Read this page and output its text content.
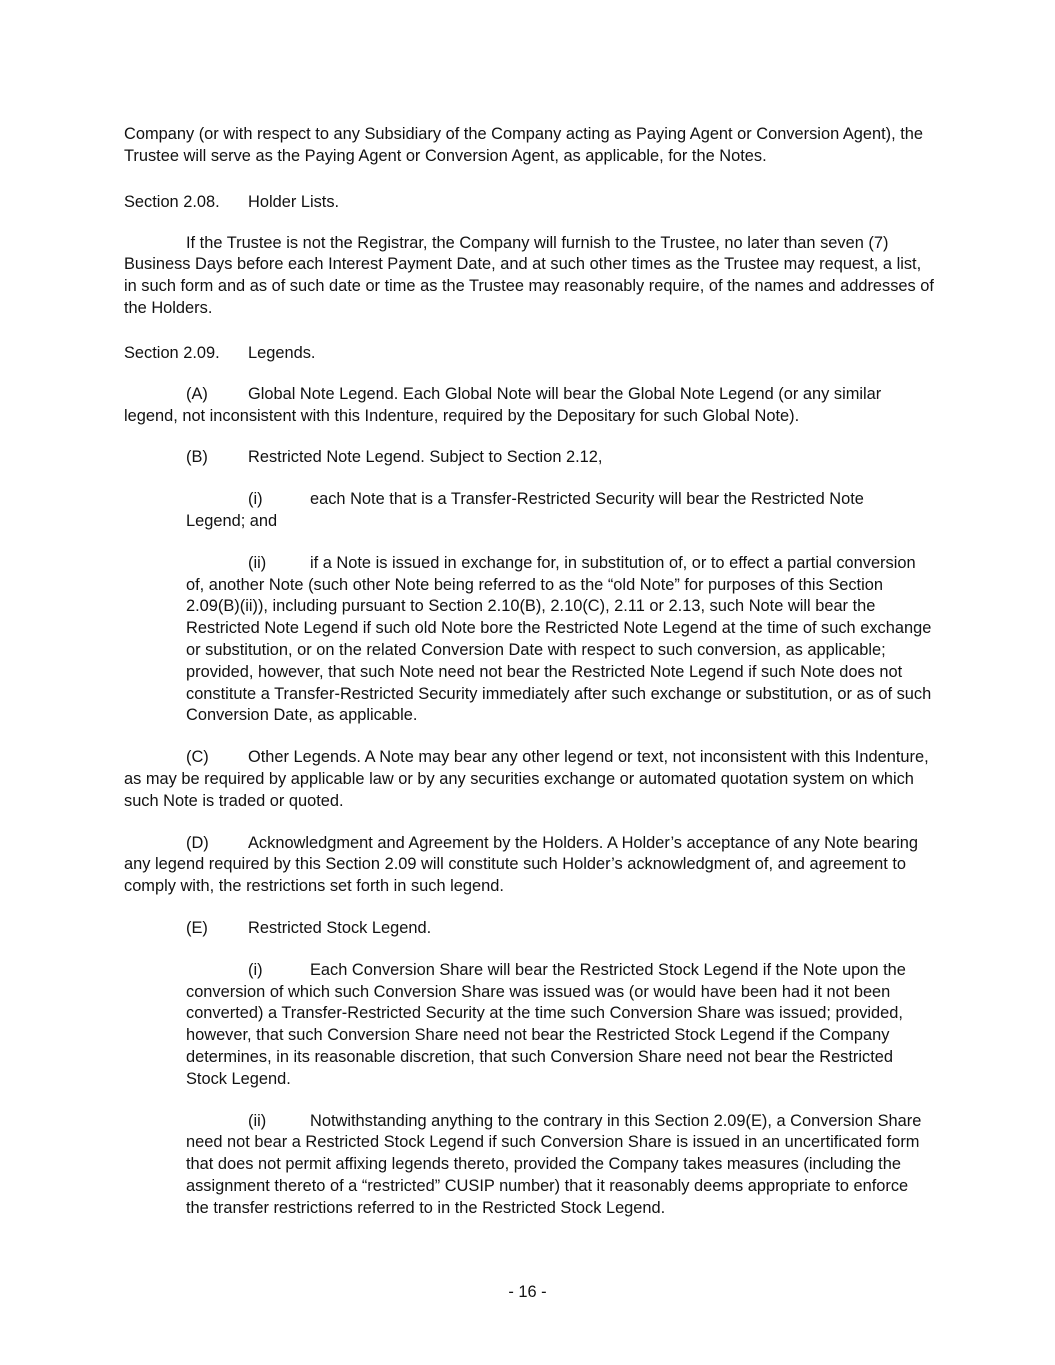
Company (or with respect to any Subsidiary of the Company acting as Paying Agent or Conversion Agent), the Trustee will serve as the Paying Agent or Conversion Agent, as applicable, for the Notes.

Section 2.08. Holder Lists.

If the Trustee is not the Registrar, the Company will furnish to the Trustee, no later than seven (7) Business Days before each Interest Payment Date, and at such other times as the Trustee may request, a list, in such form and as of such date or time as the Trustee may reasonably require, of the names and addresses of the Holders.

Section 2.09. Legends.

(A) Global Note Legend. Each Global Note will bear the Global Note Legend (or any similar legend, not inconsistent with this Indenture, required by the Depositary for such Global Note).

(B) Restricted Note Legend. Subject to Section 2.12,

(i)	each Note that is a Transfer-Restricted Security will bear the Restricted Note Legend; and

(ii)	if a Note is issued in exchange for, in substitution of, or to effect a partial conversion of, another Note (such other Note being referred to as the “old Note” for purposes of this Section 2.09(B)(ii)), including pursuant to Section 2.10(B), 2.10(C), 2.11 or 2.13, such Note will bear the Restricted Note Legend if such old Note bore the Restricted Note Legend at the time of such exchange or substitution, or on the related Conversion Date with respect to such conversion, as applicable; provided, however, that such Note need not bear the Restricted Note Legend if such Note does not constitute a Transfer-Restricted Security immediately after such exchange or substitution, or as of such Conversion Date, as applicable.

(C) Other Legends. A Note may bear any other legend or text, not inconsistent with this Indenture, as may be required by applicable law or by any securities exchange or automated quotation system on which such Note is traded or quoted.

(D) Acknowledgment and Agreement by the Holders. A Holder’s acceptance of any Note bearing any legend required by this Section 2.09 will constitute such Holder’s acknowledgment of, and agreement to comply with, the restrictions set forth in such legend.

(E) Restricted Stock Legend.

(i)	Each Conversion Share will bear the Restricted Stock Legend if the Note upon the conversion of which such Conversion Share was issued was (or would have been had it not been converted) a Transfer-Restricted Security at the time such Conversion Share was issued; provided, however, that such Conversion Share need not bear the Restricted Stock Legend if the Company determines, in its reasonable discretion, that such Conversion Share need not bear the Restricted Stock Legend.

(ii)	Notwithstanding anything to the contrary in this Section 2.09(E), a Conversion Share need not bear a Restricted Stock Legend if such Conversion Share is issued in an uncertificated form that does not permit affixing legends thereto, provided the Company takes measures (including the assignment thereto of a “restricted” CUSIP number) that it reasonably deems appropriate to enforce the transfer restrictions referred to in the Restricted Stock Legend.

- 16 -
